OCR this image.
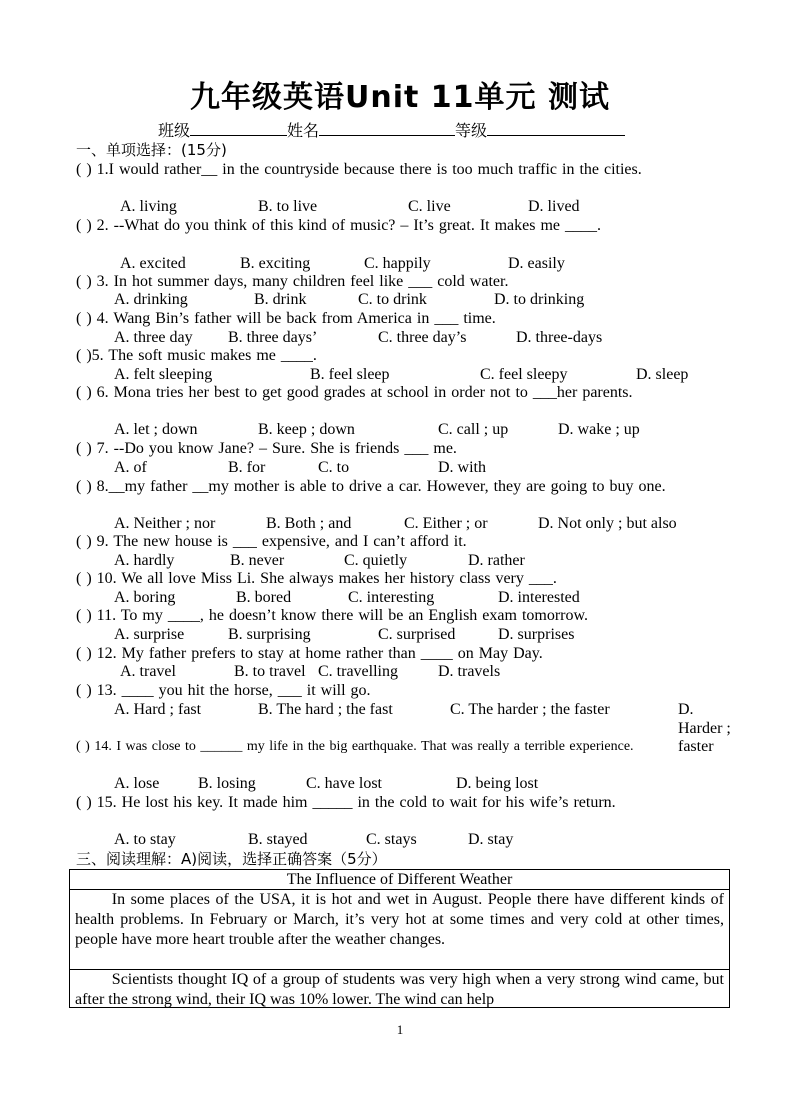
九年级英语Unit 11单元 测试
班级	姓名	等级
一、单项选择：(15分)
( ) 1.I would rather__ in the countryside because there is too much traffic in the cities.
A. living	B. to live	C. live	D. lived
( ) 2. --What do you think of this kind of music? – It’s great. It makes me ____.
A. excited	B. exciting	C. happily	D. easily
( ) 3. In hot summer days, many children feel like ___ cold water.
A. drinking	B. drink	C. to drink	D. to drinking
( ) 4. Wang Bin’s father will be back from America in ___ time.
A. three day B. three days’	C. three day’s	D. three-days
( )5. The soft music makes me ____.
A. felt sleeping	B. feel sleep	C. feel sleepy	D. sleep
( ) 6. Mona tries her best to get good grades at school in order not to ___her parents.
A. let ; down	B. keep ; down	C. call ; up	D. wake ; up
( ) 7. --Do you know Jane? – Sure. She is friends ___ me.
A. of	B. for	C. to	D. with
( ) 8.__my father __my mother is able to drive a car. However, they are going to buy one.
A. Neither ; nor	B. Both ; and	C. Either ; or	D. Not only ; but also
( ) 9. The new house is ___ expensive, and I can’t afford it.
A. hardly	B. never	C. quietly	D. rather
( ) 10. We all love Miss Li. She always makes her history class very ___.
A. boring	B. bored	C. interesting	D. interested
( ) 11. To my ____, he doesn’t know there will be an English exam tomorrow.
A. surprise	B. surprising	C. surprised	D. surprises
( ) 12. My father prefers to stay at home rather than ____ on May Day.
A. travel	B. to travel C. travelling	D. travels
( ) 13. ____ you hit the horse, ___ it will go.
A. Hard ; fast	B. The hard ; the fast	C. The harder ; the faster	D. Harder ; faster
( ) 14. I was close to ______ my life in the big earthquake. That was really a terrible experience.
A. lose B. losing	C. have lost	D. being lost
( ) 15. He lost his key. It made him _____ in the cold to wait for his wife’s return.
A. to stay	B. stayed	C. stays	D. stay
三、阅读理解：A)阅读，选择正确答案（5分）
The Influence of Different Weather
In some places of the USA, it is hot and wet in August. People there have different kinds of health problems. In February or March, it’s very hot at some times and very cold at other times, people have more heart trouble after the weather changes.
Scientists thought IQ of a group of students was very high when a very strong wind came, but after the strong wind, their IQ was 10% lower. The wind can help
1
